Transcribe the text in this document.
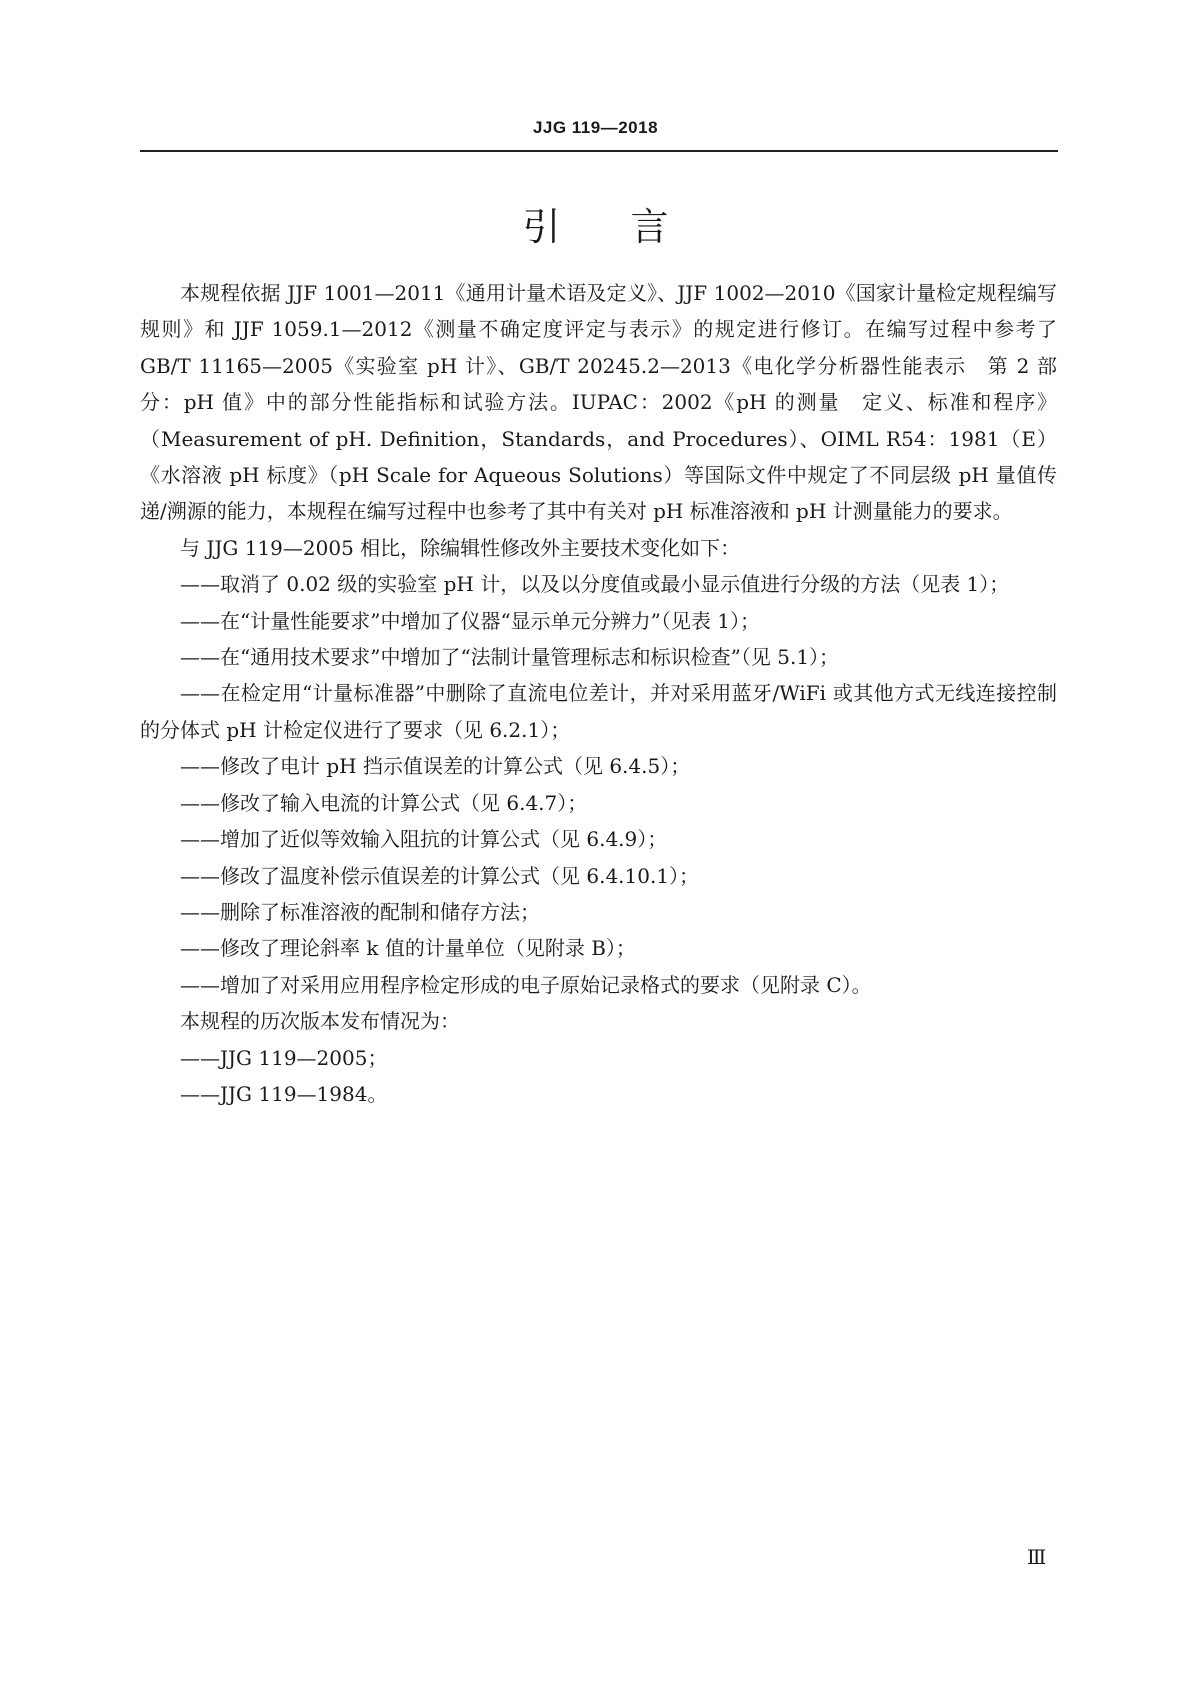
JJG 119—2018
引言

本规程依据 JJF 1001—2011《通用计量术语及定义》、JJF 1002—2010《国家计量检定规程编写规则》和 JJF 1059.1—2012《测量不确定度评定与表示》的规定进行修订。在编写过程中参考了 GB/T 11165—2005《实验室 pH 计》、GB/T 20245.2—2013《电化学分析器性能表示　第 2 部分：pH 值》中的部分性能指标和试验方法。IUPAC：2002《pH 的测量　定义、标准和程序》（Measurement of pH. Definition，Standards，and Procedures）、OIML R54：1981（E）《水溶液 pH 标度》（pH Scale for Aqueous Solutions）等国际文件中规定了不同层级 pH 量值传递/溯源的能力，本规程在编写过程中也参考了其中有关对 pH 标准溶液和 pH 计测量能力的要求。

与 JJG 119—2005 相比，除编辑性修改外主要技术变化如下：

——取消了 0.02 级的实验室 pH 计，以及以分度值或最小显示值进行分级的方法（见表 1）；

——在“计量性能要求”中增加了仪器“显示单元分辨力”（见表 1）；

——在“通用技术要求”中增加了“法制计量管理标志和标识检查”（见 5.1）；

——在检定用“计量标准器”中删除了直流电位差计，并对采用蓝牙/WiFi 或其他方式无线连接控制的分体式 pH 计检定仪进行了要求（见 6.2.1）；

——修改了电计 pH 挡示值误差的计算公式（见 6.4.5）；

——修改了输入电流的计算公式（见 6.4.7）；

——增加了近似等效输入阻抗的计算公式（见 6.4.9）；

——修改了温度补偿示值误差的计算公式（见 6.4.10.1）；

——删除了标准溶液的配制和储存方法；

——修改了理论斜率 k 值的计量单位（见附录 B）；

——增加了对采用应用程序检定形成的电子原始记录格式的要求（见附录 C）。

本规程的历次版本发布情况为：

——JJG 119—2005；

——JJG 119—1984。

Ⅲ
